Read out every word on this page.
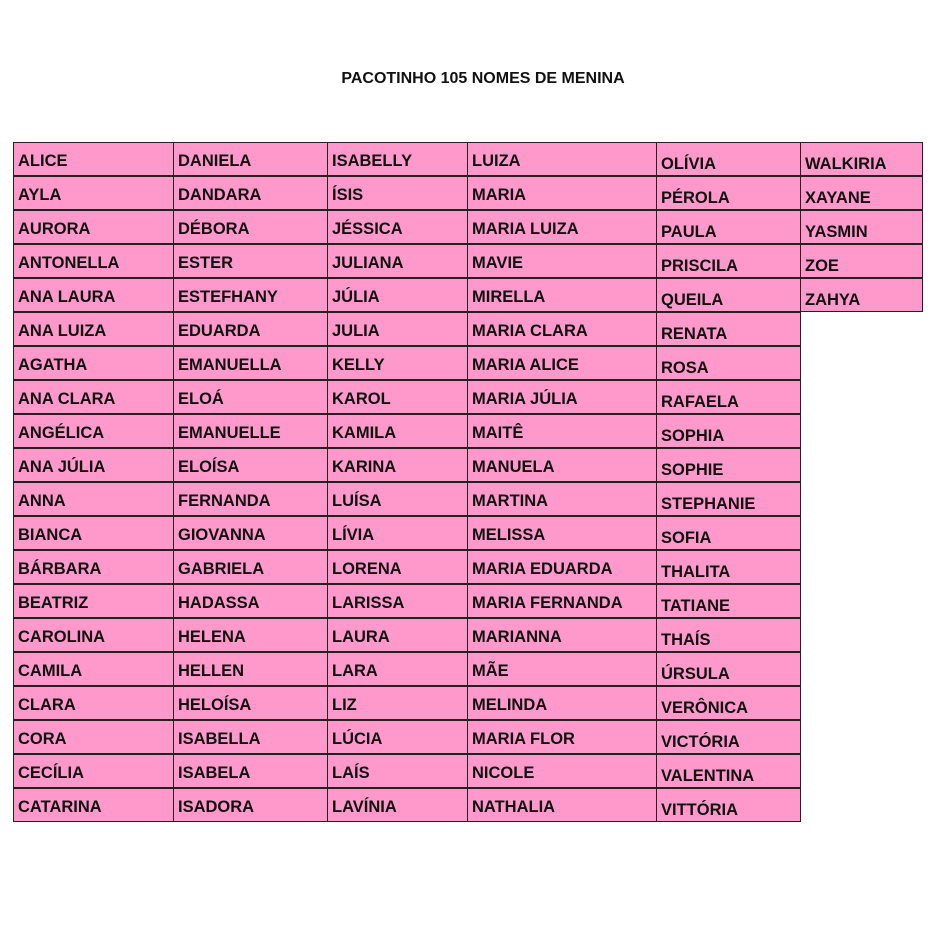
PACOTINHO 105 NOMES DE MENINA
ALICE
AYLA
AURORA
ANTONELLA
ANA LAURA
ANA LUIZA
AGATHA
ANA CLARA
ANGÉLICA
ANA JÚLIA
ANNA
BIANCA
BÁRBARA
BEATRIZ
CAROLINA
CAMILA
CLARA
CORA
CECÍLIA
CATARINA
DANIELA
DANDARA
DÉBORA
ESTER
ESTEFHANY
EDUARDA
EMANUELLA
ELOÁ
EMANUELLE
ELOÍSA
FERNANDA
GIOVANNA
GABRIELA
HADASSA
HELENA
HELLEN
HELOÍSA
ISABELLA
ISABELA
ISADORA
ISABELLY
ÍSIS
JÉSSICA
JULIANA
JÚLIA
JULIA
KELLY
KAROL
KAMILA
KARINA
LUÍSA
LÍVIA
LORENA
LARISSA
LAURA
LARA
LIZ
LÚCIA
LAÍS
LAVÍNIA
LUIZA
MARIA
MARIA LUIZA
MAVIE
MIRELLA
MARIA CLARA
MARIA ALICE
MARIA JÚLIA
MAITÊ
MANUELA
MARTINA
MELISSA
MARIA EDUARDA
MARIA FERNANDA
MARIANNA
MÃE
MELINDA
MARIA FLOR
NICOLE
NATHALIA
OLÍVIA
PÉROLA
PAULA
PRISCILA
QUEILA
RENATA
ROSA
RAFAELA
SOPHIA
SOPHIE
STEPHANIE
SOFIA
THALITA
TATIANE
THAÍS
ÚRSULA
VERÔNICA
VICTÓRIA
VALENTINA
VITTÓRIA
WALKIRIA
XAYANE
YASMIN
ZOE
ZAHYA
